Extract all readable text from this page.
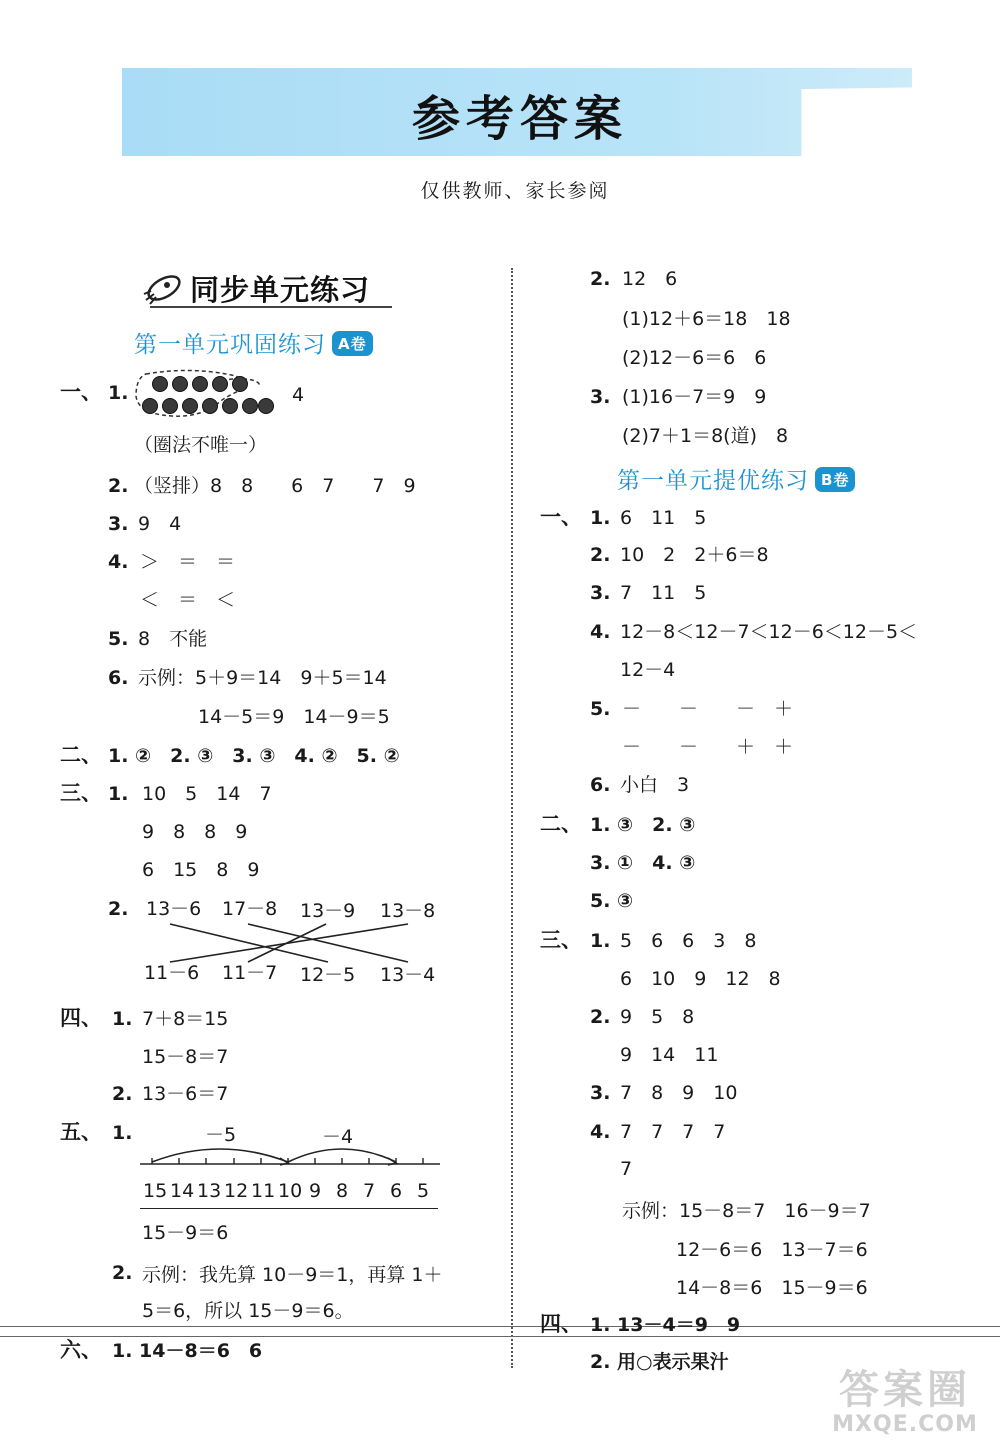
参考答案
仅供教师、家长参阅
同步单元练习
第一单元巩固练习 A卷
一、 1.	4
（圈法不唯一）
2. （竖排）8　8　　6　7　　7　9
3. 9　4
4. ＞　＝　＝
＜　＝　＜
5. 8　不能
6. 示例：5＋9＝14　9＋5＝14
14－5＝9　14－9＝5
二、 1. ②　2. ③　3. ③　4. ②　5. ②
三、 1. 10　5　14　7
9　8　8　9
6　15　8　9
2. 13－6 17－8 13－9 13－8
11－6 11－7 12－5 13－4
四、 1. 7＋8＝15
15－8＝7
2. 13－6＝7
五、 1.	－5	－4
15 14 13 12 11 10 9 8 7 6 5
15－9＝6
2. 示例：我先算 10－9＝1，再算 1＋
5＝6，所以 15－9＝6。
六、 1. 14－8＝6　6
2. 12　6
(1)12＋6＝18　18
(2)12－6＝6　6
3. (1)16－7＝9　9
(2)7＋1＝8(道)　8
第一单元提优练习 B卷
一、 1. 6　11　5
2. 10　2　2＋6＝8
3. 7　11　5
4. 12－8＜12－7＜12－6＜12－5＜
12－4
5. －　　－　　－　＋
－　　－　　＋　＋
6. 小白　3
二、 1. ③　2. ③
3. ①　4. ③
5. ③
三、 1. 5　6　6　3　8
6　10　9　12　8
2. 9　5　8
9　14　11
3. 7　8　9　10
4. 7　7　7　7
7
示例：15－8＝7　16－9＝7
12－6＝6　13－7＝6
14－8＝6　15－9＝6
四、 1. 13－4＝9　9
2. 用○表示果汁
答案圈
MXQE.COM
